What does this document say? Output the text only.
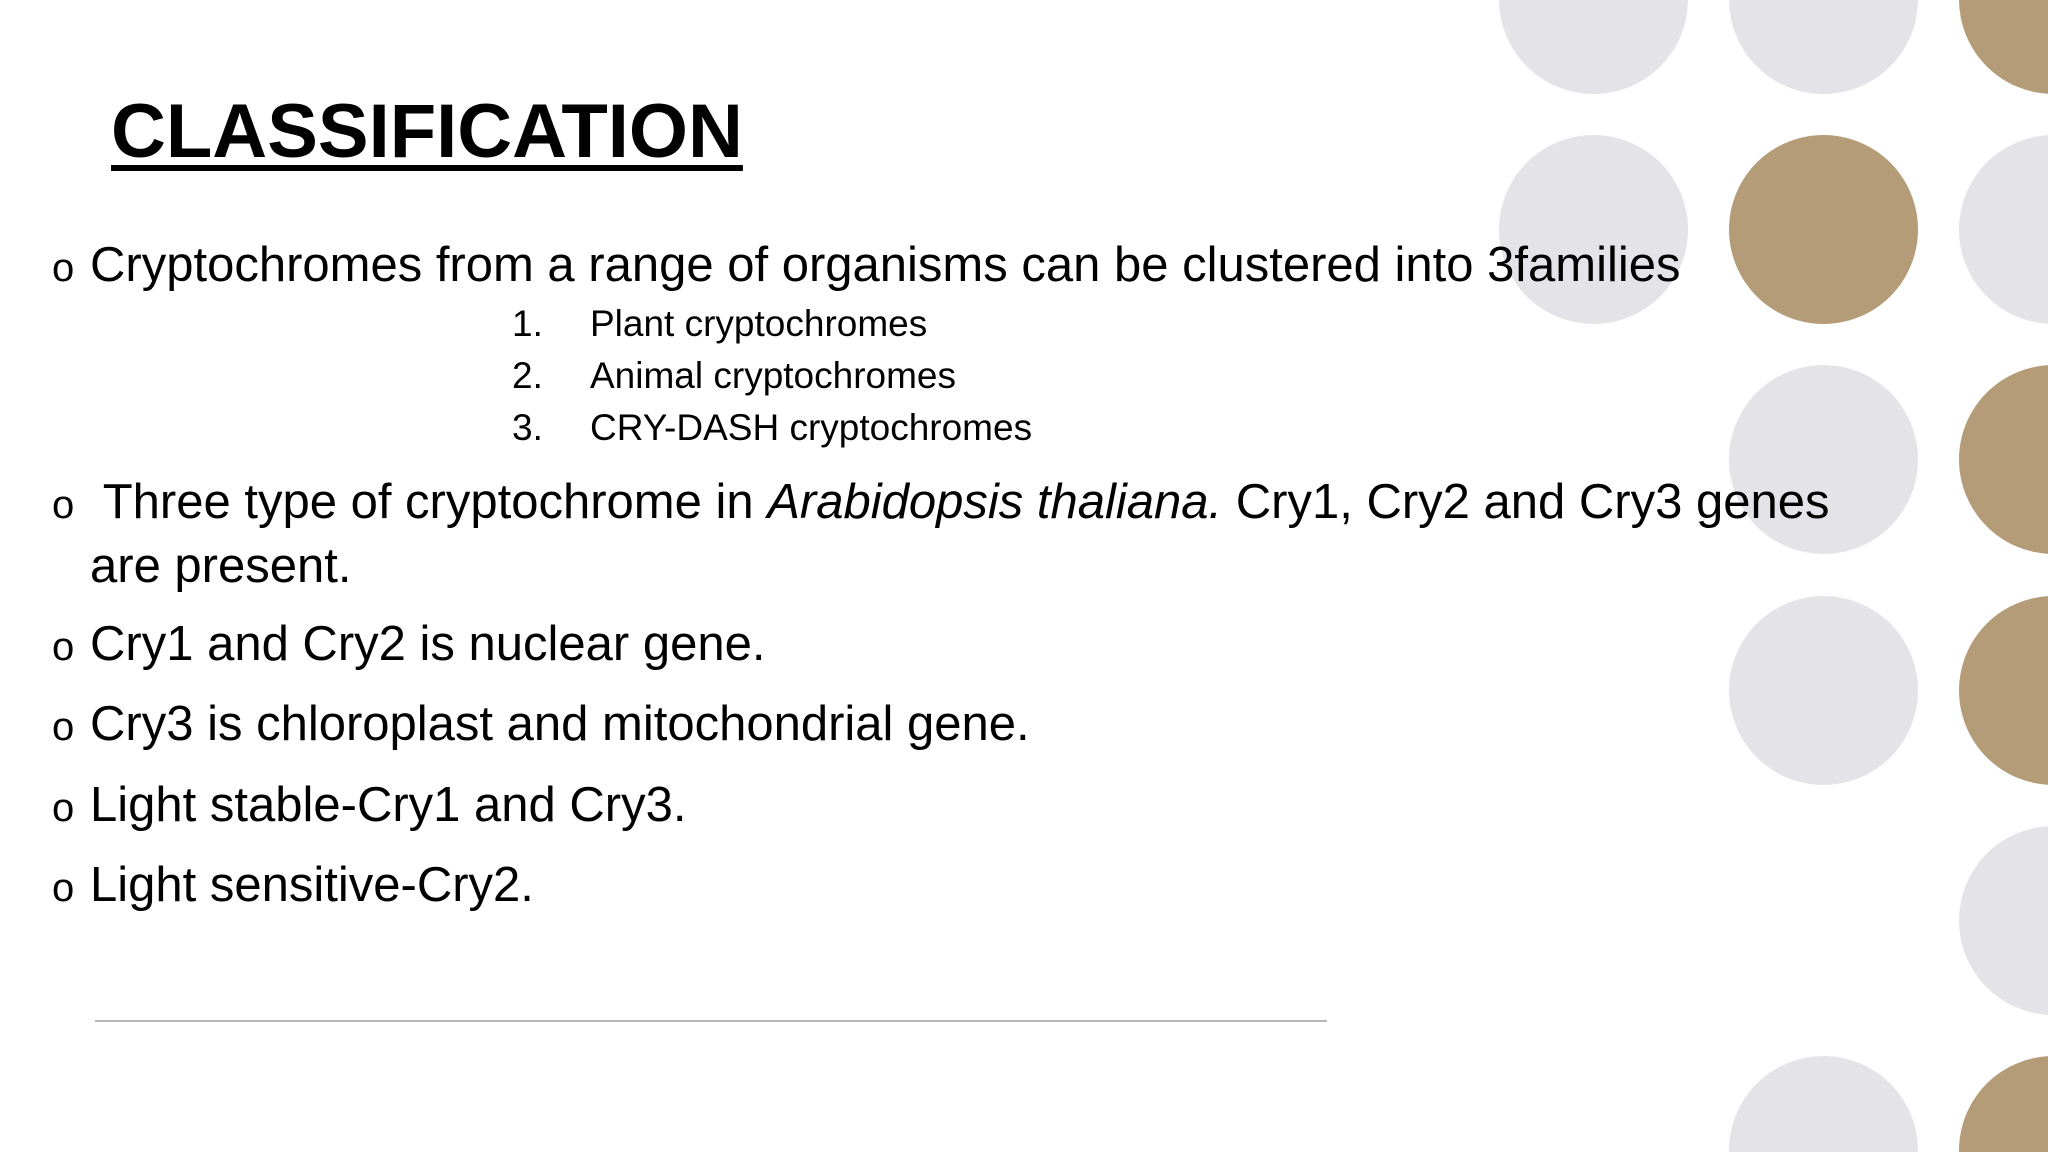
CLASSIFICATION
o Cryptochromes from a range of organisms can be clustered into 3families
1. Plant cryptochromes
2. Animal cryptochromes
3. CRY-DASH cryptochromes
o Three type of cryptochrome in Arabidopsis thaliana. Cry1, Cry2 and Cry3 genes
are present.
o Cry1 and Cry2 is nuclear gene.
o Cry3 is chloroplast and mitochondrial gene.
o Light stable-Cry1 and Cry3.
o Light sensitive-Cry2.
